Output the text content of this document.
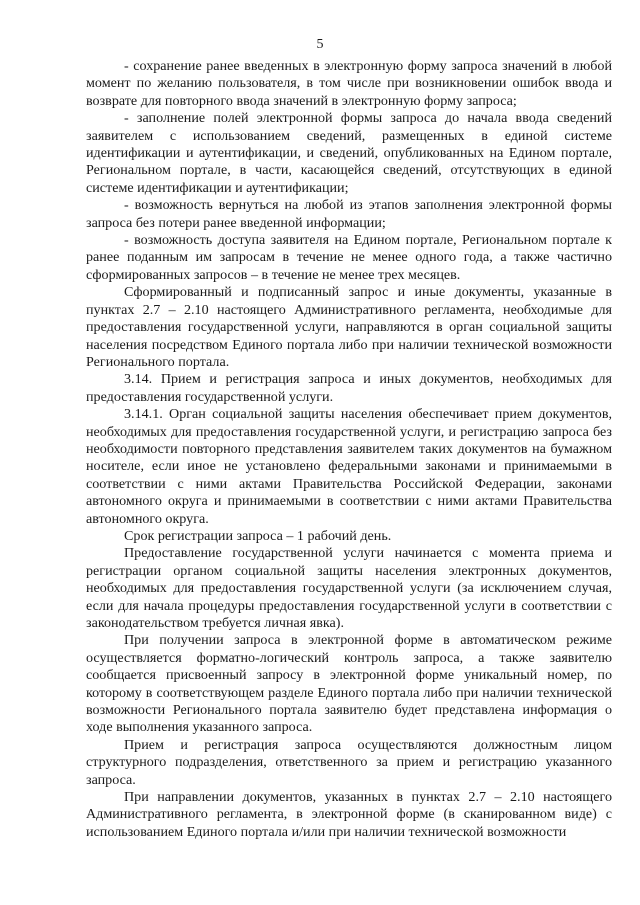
5

- сохранение ранее введенных в электронную форму запроса значений в любой момент по желанию пользователя, в том числе при возникновении ошибок ввода и возврате для повторного ввода значений в электронную форму запроса;

- заполнение полей электронной формы запроса до начала ввода сведений заявителем с использованием сведений, размещенных в единой системе идентификации и аутентификации, и сведений, опубликованных на Едином портале, Региональном портале, в части, касающейся сведений, отсутствующих в единой системе идентификации и аутентификации;

- возможность вернуться на любой из этапов заполнения электронной формы запроса без потери ранее введенной информации;

- возможность доступа заявителя на Едином портале, Региональном портале к ранее поданным им запросам в течение не менее одного года, а также частично сформированных запросов – в течение не менее трех месяцев.

Сформированный и подписанный запрос и иные документы, указанные в пунктах 2.7 – 2.10 настоящего Административного регламента, необходимые для предоставления государственной услуги, направляются в орган социальной защиты населения посредством Единого портала либо при наличии технической возможности Регионального портала.

3.14. Прием и регистрация запроса и иных документов, необходимых для предоставления государственной услуги.

3.14.1. Орган социальной защиты населения обеспечивает прием документов, необходимых для предоставления государственной услуги, и регистрацию запроса без необходимости повторного представления заявителем таких документов на бумажном носителе, если иное не установлено федеральными законами и принимаемыми в соответствии с ними актами Правительства Российской Федерации, законами автономного округа и принимаемыми в соответствии с ними актами Правительства автономного округа.

Срок регистрации запроса – 1 рабочий день.

Предоставление государственной услуги начинается с момента приема и регистрации органом социальной защиты населения электронных документов, необходимых для предоставления государственной услуги (за исключением случая, если для начала процедуры предоставления государственной услуги в соответствии с законодательством требуется личная явка).

При получении запроса в электронной форме в автоматическом режиме осуществляется форматно-логический контроль запроса, а также заявителю сообщается присвоенный запросу в электронной форме уникальный номер, по которому в соответствующем разделе Единого портала либо при наличии технической возможности Регионального портала заявителю будет представлена информация о ходе выполнения указанного запроса.

Прием и регистрация запроса осуществляются должностным лицом структурного подразделения, ответственного за прием и регистрацию указанного запроса.

При направлении документов, указанных в пунктах 2.7 – 2.10 настоящего Административного регламента, в электронной форме (в сканированном виде) с использованием Единого портала и/или при наличии технической возможности
